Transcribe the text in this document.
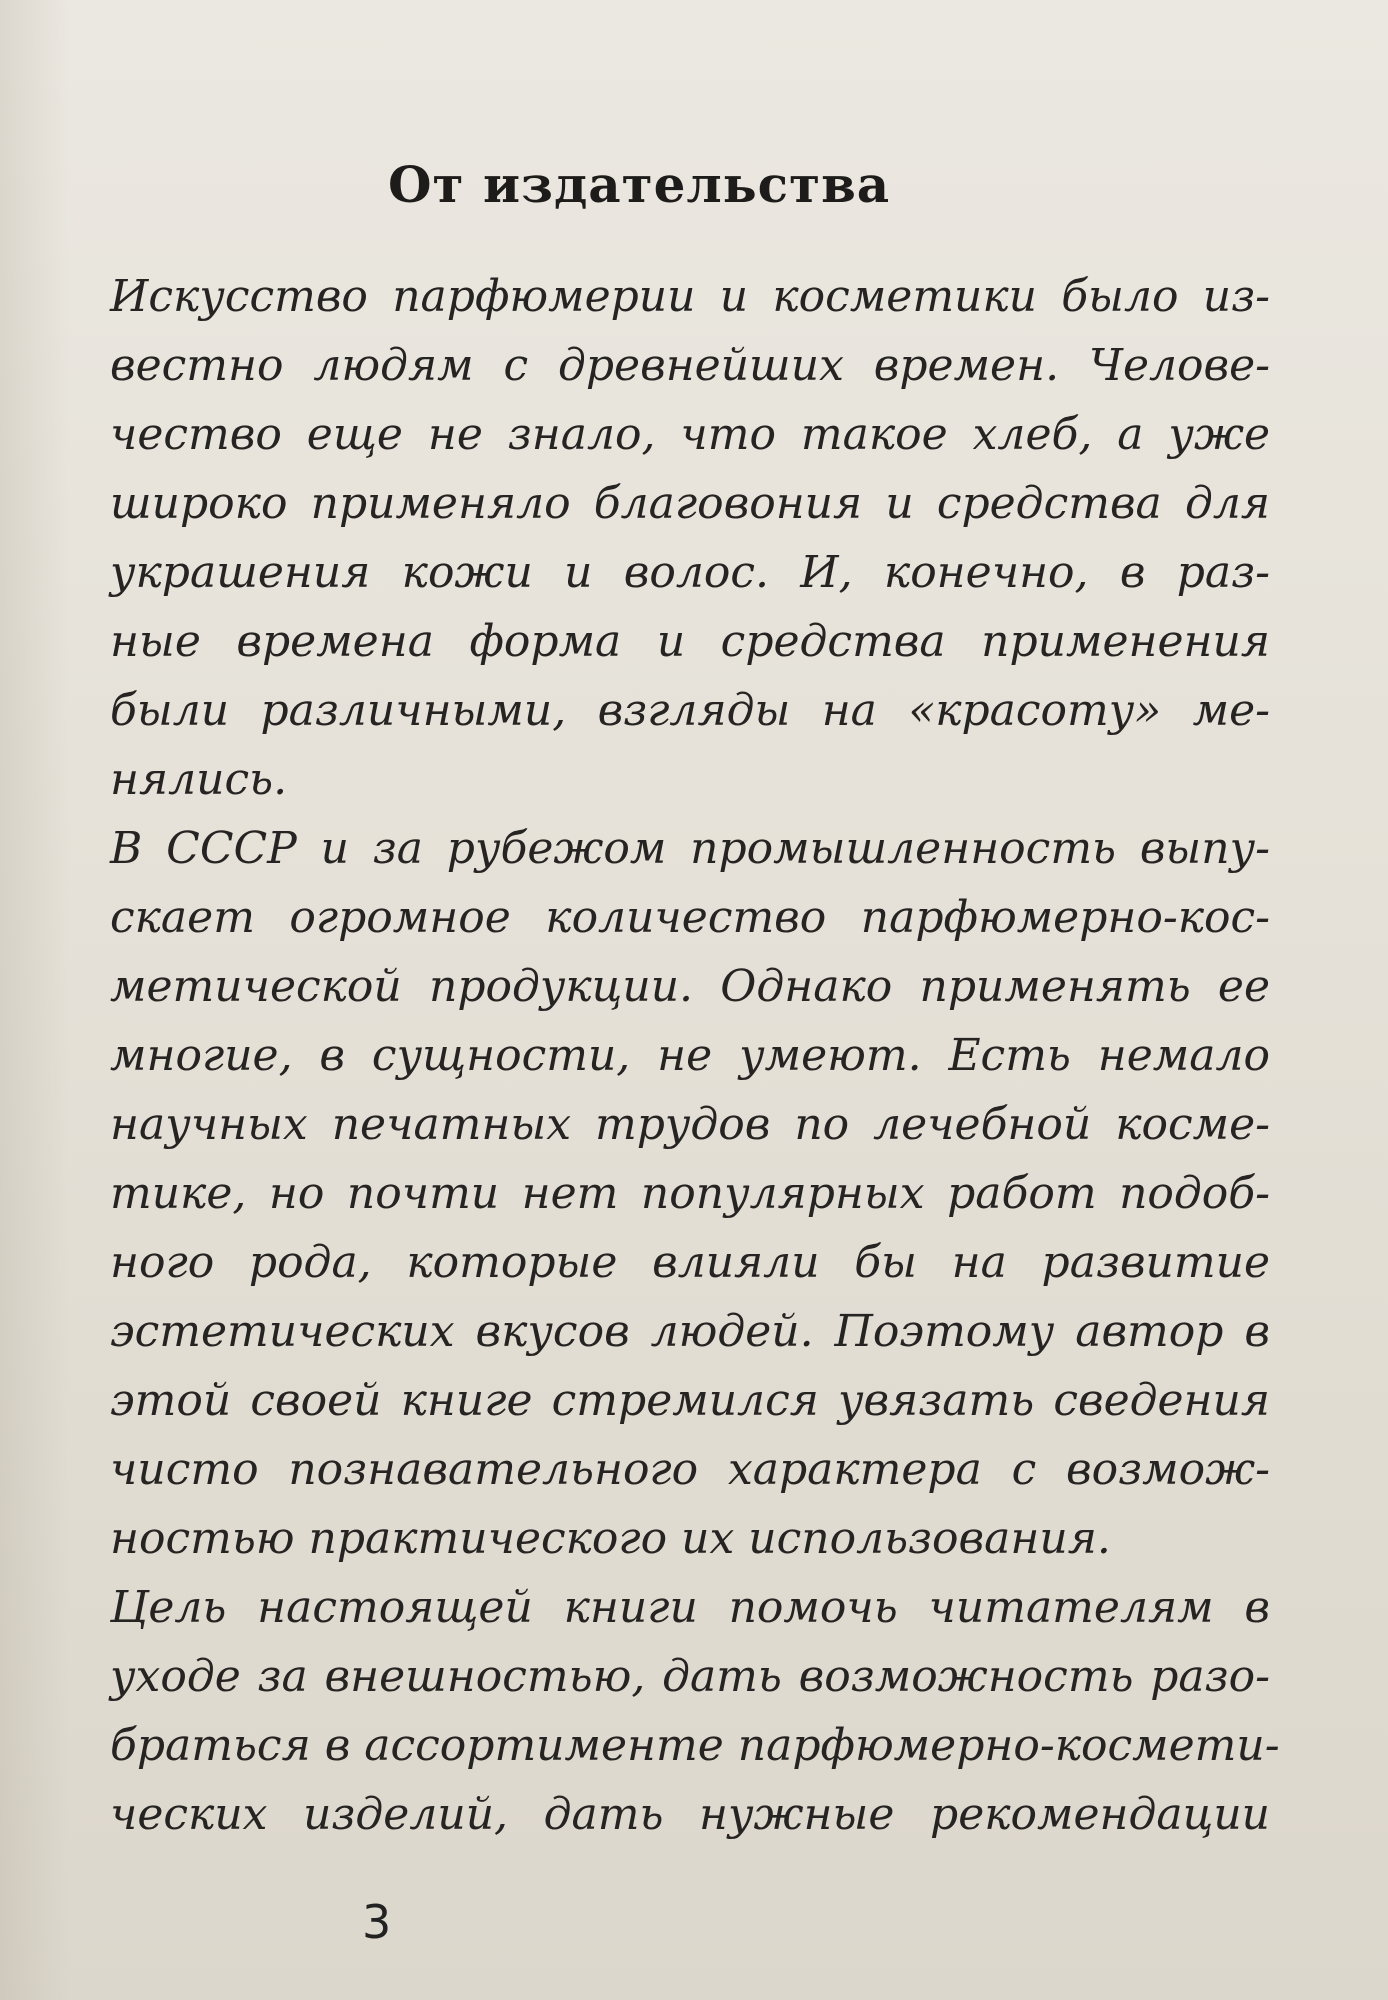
От издательства
Искусство парфюмерии и косметики было из-
вестно людям с древнейших времен. Челове-
чество еще не знало, что такое хлеб, а уже
широко применяло благовония и средства для
украшения кожи и волос. И, конечно, в раз-
ные времена форма и средства применения
были различными, взгляды на «красоту» ме-
нялись.
В СССР и за рубежом промышленность выпу-
скает огромное количество парфюмерно-кос-
метической продукции. Однако применять ее
многие, в сущности, не умеют. Есть немало
научных печатных трудов по лечебной косме-
тике, но почти нет популярных работ подоб-
ного рода, которые влияли бы на развитие
эстетических вкусов людей. Поэтому автор в
этой своей книге стремился увязать сведения
чисто познавательного характера с возмож-
ностью практического их использования.
Цель настоящей книги помочь читателям в
уходе за внешностью, дать возможность разо-
браться в ассортименте парфюмерно-космети-
ческих изделий, дать нужные рекомендации
3
